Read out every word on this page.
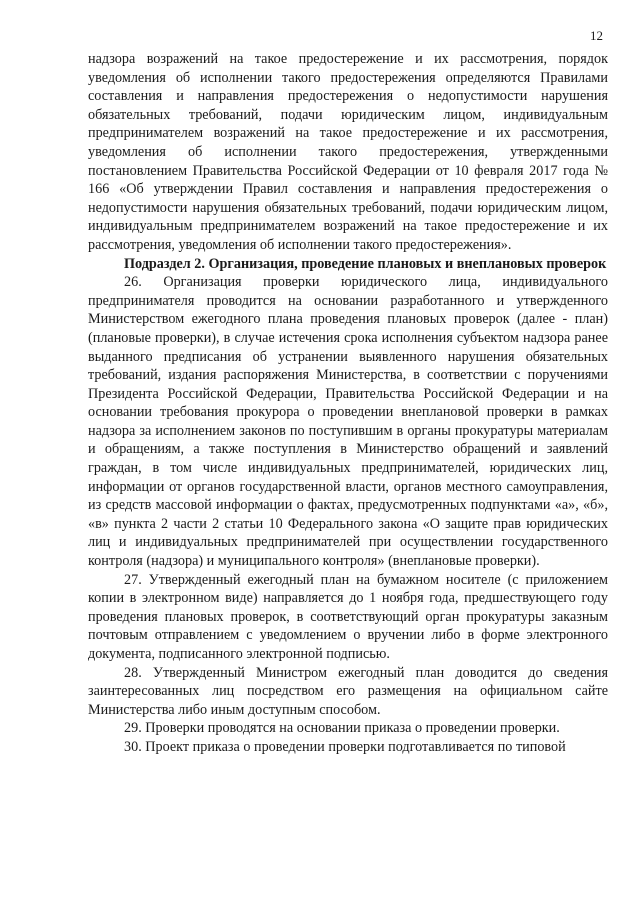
12

надзора возражений на такое предостережение и их рассмотрения, порядок уведомления об исполнении такого предостережения определяются Правилами составления и направления предостережения о недопустимости нарушения обязательных требований, подачи юридическим лицом, индивидуальным предпринимателем возражений на такое предостережение и их рассмотрения, уведомления об исполнении такого предостережения, утвержденными постановлением Правительства Российской Федерации от 10 февраля 2017 года № 166 «Об утверждении Правил составления и направления предостережения о недопустимости нарушения обязательных требований, подачи юридическим лицом, индивидуальным предпринимателем возражений на такое предостережение и их рассмотрения, уведомления об исполнении такого предостережения».

Подраздел 2. Организация, проведение плановых и внеплановых проверок

26. Организация проверки юридического лица, индивидуального предпринимателя проводится на основании разработанного и утвержденного Министерством ежегодного плана проведения плановых проверок (далее - план) (плановые проверки), в случае истечения срока исполнения субъектом надзора ранее выданного предписания об устранении выявленного нарушения обязательных требований, издания распоряжения Министерства, в соответствии с поручениями Президента Российской Федерации, Правительства Российской Федерации и на основании требования прокурора о проведении внеплановой проверки в рамках надзора за исполнением законов по поступившим в органы прокуратуры материалам и обращениям, а также поступления в Министерство обращений и заявлений граждан, в том числе индивидуальных предпринимателей, юридических лиц, информации от органов государственной власти, органов местного самоуправления, из средств массовой информации о фактах, предусмотренных подпунктами «а», «б», «в» пункта 2 части 2 статьи 10 Федерального закона «О защите прав юридических лиц и индивидуальных предпринимателей при осуществлении государственного контроля (надзора) и муниципального контроля» (внеплановые проверки).

27. Утвержденный ежегодный план на бумажном носителе (с приложением копии в электронном виде) направляется до 1 ноября года, предшествующего году проведения плановых проверок, в соответствующий орган прокуратуры заказным почтовым отправлением с уведомлением о вручении либо в форме электронного документа, подписанного электронной подписью.

28. Утвержденный Министром ежегодный план доводится до сведения заинтересованных лиц посредством его размещения на официальном сайте Министерства либо иным доступным способом.

29. Проверки проводятся на основании приказа о проведении проверки.

30. Проект приказа о проведении проверки подготавливается по типовой
